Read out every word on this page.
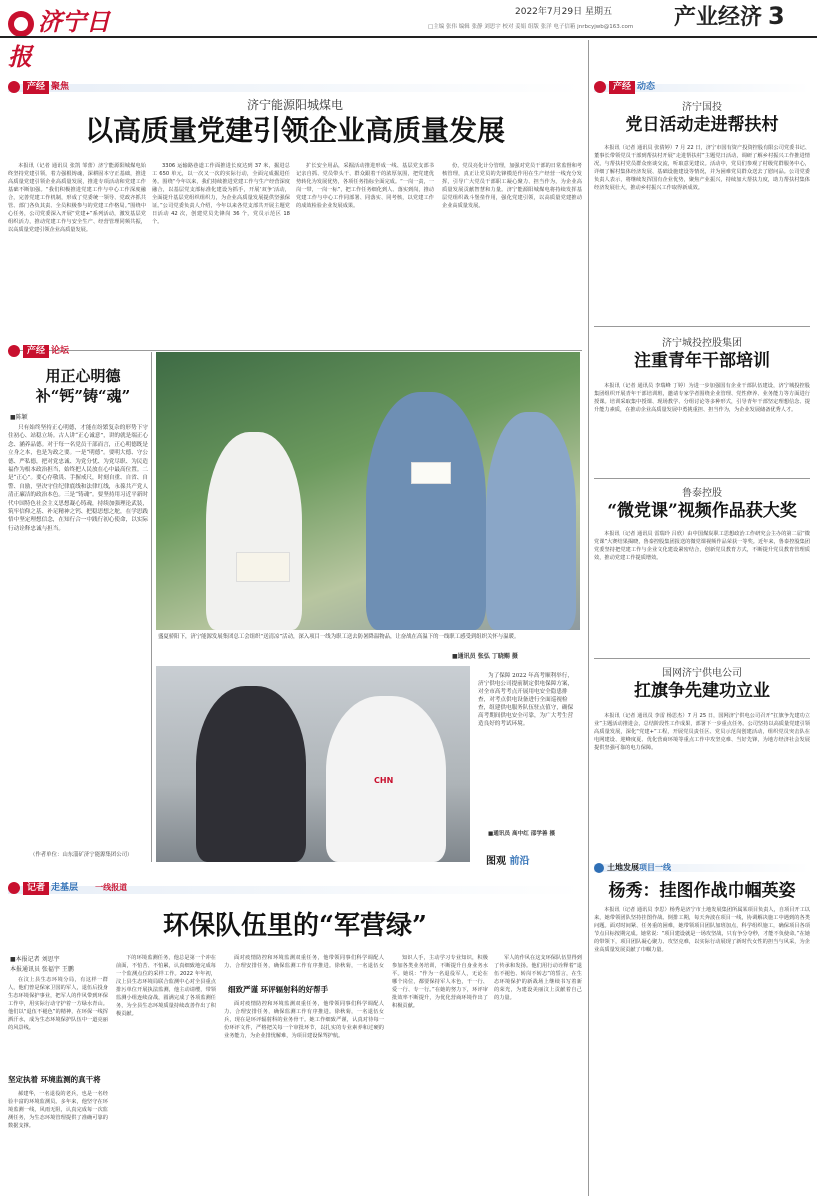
济宁日报
2022年7月29日 星期五	产业经济 3
□主编 张伟 编辑 张静 刘思宇 校对 姜娟 组版 张洋 电子信箱 jnrbcyjwb@163.com
产经 聚焦
济宁能源阳城煤电
以高质量党建引领企业高质量发展

本报讯（记者 通讯员 张凯 邹蕾）济宁能源阳城煤电始终坚持党建引领，着力强根铸魂，深耕固本守正基础，推进高质量党建引领企业高质量发展，推进专项活动和党建工作基础不断加强。“我们积极推进党建工作与中心工作深度融合，完善党建工作机制，形成了党委统一领导、党政齐抓共管、部门各负其责、全员积极参与的党建工作格局。”围绕中心任务，公司党委深入开展“党建+”系列活动，激发基层党组织活力，推动党建工作与安全生产、经营管理同频共振，以高质量党建引领企业高质量发展。

3306 运输路巷道工作面推进长度达到 37 米，掘进总工 650 单元，以一次又一次的实际行动，全面完成掘进任务。围绕“今年以来，我们持续推进党建工作与生产经营深度融合，以基层党支部标准化建设为抓手，开展‘双争’活动，全面提升基层党组织组织力，为企业高质量发展提供坚强保证。”公司党委负责人介绍，今年以来各党支部共开展主题党日活动 42 次，创建党员先锋岗 36 个，党员示范区 18 个。

扩长安全用品，采掘活动推进形成一线、基层党支部书记亲自抓、党员带头干、群众跟着干的浓厚氛围，把党建优势转化为发展优势，各项任务指标全面完成。“一岗一责，一岗一带，一岗一标”，把工作任务细化到人、落实到岗，推动党建工作与中心工作同部署、同落实、同考核，以党建工作的成效检验企业发展成果。

份，党员亮化计分管理，加强对党员干部的日常监督和考核管理，真正让党员的先锋模范作用在生产经营一线充分发挥，引导广大党员干部职工凝心聚力、担当作为，为企业高质量发展贡献智慧和力量。济宁能源阳城煤电将持续发挥基层党组织战斗堡垒作用，强化党建引领，以高质量党建推动企业高质量发展。

产经 论坛
用正心明德补“钙”铸“魂”
■陈颖

只有始终坚持正心明德，才能在纷繁复杂的形势下守住初心、站稳立场。古人讲“正心诚意”，讲的就是端正心念、涵养品德。对于每一名党员干部而言，正心明德既是立身之本，也是为政之要。一是“明德”。要明大德、守公德、严私德，把对党忠诚、为党分忧、为党尽职、为民造福作为根本政治担当，始终把人民放在心中最高位置。二是“正心”。要心存敬畏、手握戒尺，时刻自重、自省、自警、自励，坚决守住纪律底线和法律红线，永葆共产党人清正廉洁的政治本色。三是“铸魂”。要坚持用习近平新时代中国特色社会主义思想凝心铸魂，持续加强理论武装，筑牢信仰之基、补足精神之钙、把稳思想之舵，在学思践悟中坚定理想信念，在知行合一中践行初心使命，以实际行动诠释忠诚与担当。

（作者单位：山东淄矿济宁能源集团公司）
盛夏骄阳下，济宁能源发展集团总工会组织“送清凉”活动，深入项目一线为职工送去防暑降温物品，让奋战在高温下的一线职工感受到组织关怀与温暖。
■通讯员 张弘 丁晓赐 摄
CHN
为了保障 2022 年高考顺利举行，济宁供电公司提前制定供电保障方案，对全市高考考点开展用电安全隐患排查，对考点供电设备进行全面巡视检查，组建供电服务队伍驻点值守，确保高考期间供电安全可靠，为广大考生营造良好的考试环境。
■通讯员 高中红 邵学善 摄
图观 前沿
产经 动态
济宁国投
党日活动走进帮扶村

本报讯（记者 通讯员 张倩婷）7 月 22 日，济宁市国有资产投资控股有限公司党委书记、董事长带领党员干部到帮扶村开展“走进帮扶村”主题党日活动，调研了解乡村振兴工作推进情况，与帮扶村党员群众座谈交流，听取意见建议。活动中，党员们参观了村级党群服务中心，详细了解村集体经济发展、基础设施建设等情况，并为困难党员群众送去了慰问品。公司党委负责人表示，将继续发挥国有企业优势，聚焦产业振兴，持续加大帮扶力度，助力帮扶村集体经济发展壮大，推动乡村振兴工作取得新成效。

济宁城投控股集团
注重青年干部培训

本报讯（记者 通讯员 李瑞峰 丁婷）为进一步加强国有企业干部队伍建设，济宁城投控股集团组织开展青年干部培训班，邀请专家学者围绕企业管理、党性修养、业务能力等方面进行授课。培训采取集中授课、现场教学、分组讨论等多种形式，引导青年干部坚定理想信念、提升能力素质，在推动企业高质量发展中勇挑重担、担当作为，为企业发展储备优秀人才。

鲁泰控股
“微党课”视频作品获大奖

本报讯（记者 通讯员 雷瑞玲 吕欣）由中国煤炭职工思想政治工作研究会主办的第二届“微党课”大赛结果揭晓，鲁泰控股集团报送的微党课视频作品荣获一等奖。近年来，鲁泰控股集团党委坚持把党建工作与企业文化建设紧密结合，创新党员教育方式，不断提升党员教育管理质效，推动党建工作提质增效。

国网济宁供电公司
扛旗争先建功立业

本报讯（记者 通讯员 李雷 杨思杰）7 月 25 日，国网济宁供电公司召开“扛旗争先建功立业”主题活动推进会，总结阶段性工作成果，部署下一步重点任务。公司坚持以高质量党建引领高质量发展，深化“党建+”工程，开展党员责任区、党员示范岗创建活动，组织党员突击队在电网建设、迎峰度夏、优化营商环境等重点工作中攻坚克难、当好先锋，为地方经济社会发展提供坚强可靠的电力保障。

土地发展项目一线
杨秀：挂图作战巾帼英姿
记者 走基层 一线报道
环保队伍里的“军营绿”
■本报记者 刘思宇
本报通讯员 张福宇 王鹏

在汶上县生态环境分局，有这样一群人，他们曾是保家卫国的军人，退伍后投身生态环境保护事业，把军人的作风带到环保工作中，用实际行动守护着一方绿水青山。他们以“退伍不褪色”的精神，在环保一线挥洒汗水，成为生态环境保护队伍中一道亮丽的风景线。

坚定执着 环境监测的真干将

郝建华，一名退役的老兵，也是一名经验丰富的环境监测员。多年来，他坚守在环境监测一线，风雨无阻，认真完成每一次监测任务，为生态环境管理提供了准确可靠的数据支撑。

下的环境监测任务，他总是第一个冲在前面，不怕苦、不怕累，认真细致地完成每一个监测点位的采样工作。2022 年年初，汶上县生态环境局联合监测中心对全县重点排污单位开展执法监测，他主动请缨，带领监测小组连续奋战，圆满完成了各项监测任务，为全县生态环境质量持续改善作出了积极贡献。

面对疫情防控和环境监测双重任务，他带领同事们科学调配人力、合理安排任务，确保监测工作有序推进。徐秋菊，一名退伍女

细致严谨 环评辐射科的好帮手

面对疫情防控和环境监测双重任务，他带领同事们科学调配人力、合理安排任务，确保监测工作有序推进。徐秋菊，一名退伍女兵，现在是环评辐射科的业务骨干。她工作细致严谨，认真对待每一份环评文件，严格把关每一个审批环节，以扎实的专业素养和过硬的业务能力，为企业排忧解难，为项目建设保驾护航。

知识人手，主动学习专业知识，积极参加各类业务培训，不断提升自身业务水平。她说：“作为一名退役军人，无论在哪个岗位，都要保持军人本色，干一行、爱一行、专一行。”在她的努力下，环评审批效率不断提升，为优化营商环境作出了积极贡献。

军人的作风在这支环保队伍里得到了传承和发扬。他们用行动诠释着“退伍不褪色、转岗不转志”的誓言，在生态环境保护的新战场上继续书写着新的荣光，为建设美丽汶上贡献着自己的力量。

本报讯（记者 通讯员 李思）杨秀是济宁市土地发展集团所属某项目负责人，自项目开工以来，她带领团队坚持挂图作战、倒排工期，每天奔波在项目一线，协调解决施工中遇到的各类问题。面对时间紧、任务重的困难，她带领项目团队加班加点，科学组织施工，确保项目各项节点目标按期完成。她常说：“项目建设就是一场攻坚战，只有争分夺秒，才能不负使命。”在她的带领下，项目团队凝心聚力、攻坚克难，以实际行动展现了新时代女性的担当与风采，为企业高质量发展贡献了巾帼力量。
